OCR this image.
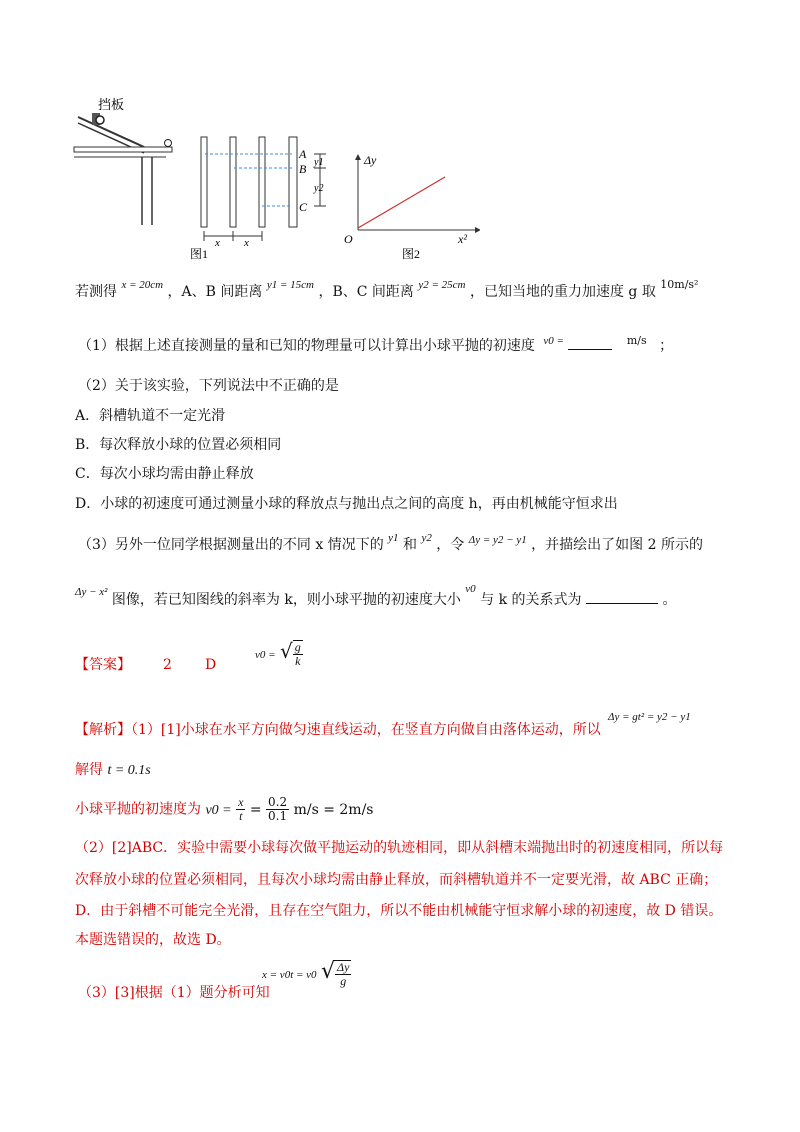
挡板
A
B
C
y1
y2
x x
图1
Δy
O	x²
图2
若测得 $^{x = 20cm}$ ，A、B 间距离 $^{y1 = 15cm}$ ，B、C 间距离 $^{y2 = 25cm}$ ，已知当地的重力加速度 g 取 $^{10m/s^2}$
（1）根据上述直接测量的量和已知的物理量可以计算出小球平抛的初速度 $^{v0 =}$	$^{m/s}$ ；
（2）关于该实验，下列说法中不正确的是
A．斜槽轨道不一定光滑
B．每次释放小球的位置必须相同
C．每次小球均需由静止释放
D．小球的初速度可通过测量小球的释放点与抛出点之间的高度 h，再由机械能守恒求出
（3）另外一位同学根据测量出的不同 x 情况下的 $^{y1}$ 和 $^{y2}$ ，令 $^{\Delta y = y2 - y1}$ ，并描绘出了如图 2 所示的
$^{\Delta y - x^2}$ 图像，若已知图线的斜率为 k，则小球平抛的初速度大小 $^{v0}$ 与 k 的关系式为	。
【答案】 2 D
v0 = √ $\frac{g}{k}$
【解析】（1）[1]小球在水平方向做匀速直线运动，在竖直方向做自由落体运动，所以
Δy = gt² = y2 − y1
解得 t = 0.1s
小球平抛的初速度为 $v0 = \frac{x}{t} = \frac{0.2}{0.1} m/s = 2m/s$
（2）[2]ABC．实验中需要小球每次做平抛运动的轨迹相同，即从斜槽末端抛出时的初速度相同，所以每
次释放小球的位置必须相同，且每次小球均需由静止释放，而斜槽轨道并不一定要光滑，故 ABC 正确；
D．由于斜槽不可能完全光滑，且存在空气阻力，所以不能由机械能守恒求解小球的初速度，故 D 错误。
本题选错误的，故选 D。
（3）[3]根据（1）题分析可知
x = v0t = v0 √ $\frac{\Delta y}{g}$
